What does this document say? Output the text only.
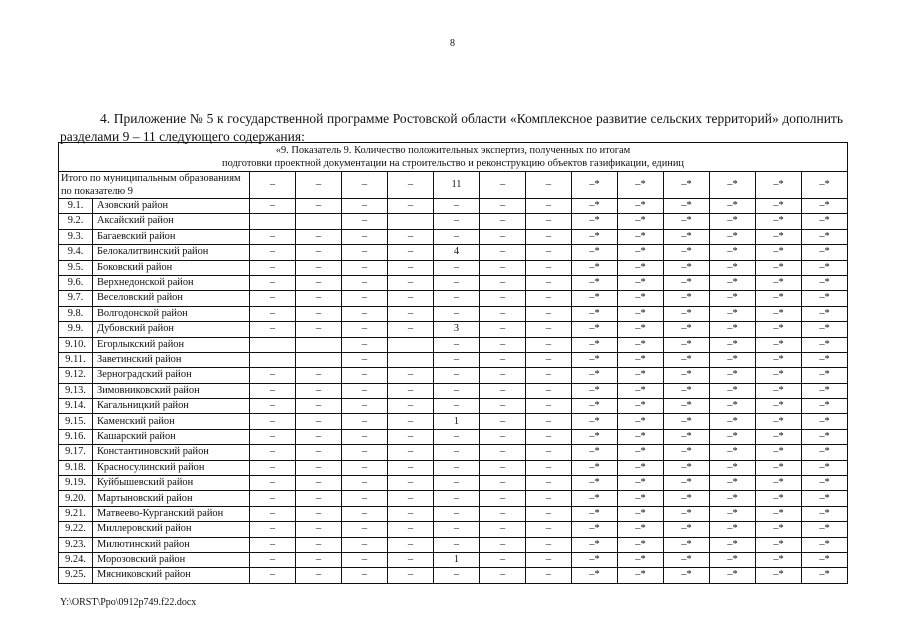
8

4. Приложение № 5 к государственной программе Ростовской области «Комплексное развитие сельских территорий» дополнить разделами 9 – 11 следующего содержания:

«9. Показатель 9. Количество положительных экспертиз, полученных по итогам
подготовки проектной документации на строительство и реконструкцию объектов газификации, единиц														
Итого по муниципальным образованиям по показателю 9		–	–	–	–	11	–	–	–*	–*	–*	–*	–*	–*
9.1.	Азовский район	–	–	–	–	–	–	–	–*	–*	–*	–*	–*	–*
9.2.	Аксайский район			–		–	–	–	–*	–*	–*	–*	–*	–*
9.3.	Багаевский район	–	–	–	–	–	–	–	–*	–*	–*	–*	–*	–*
9.4.	Белокалитвинский район	–	–	–	–	4	–	–	–*	–*	–*	–*	–*	–*
9.5.	Боковский район	–	–	–	–	–	–	–	–*	–*	–*	–*	–*	–*
9.6.	Верхнедонской район	–	–	–	–	–	–	–	–*	–*	–*	–*	–*	–*
9.7.	Веселовский район	–	–	–	–	–	–	–	–*	–*	–*	–*	–*	–*
9.8.	Волгодонской район	–	–	–	–	–	–	–	–*	–*	–*	–*	–*	–*
9.9.	Дубовский район	–	–	–	–	3	–	–	–*	–*	–*	–*	–*	–*
9.10.	Егорлыкский район			–		–	–	–	–*	–*	–*	–*	–*	–*
9.11.	Заветинский район			–		–	–	–	–*	–*	–*	–*	–*	–*
9.12.	Зерноградский район	–	–	–	–	–	–	–	–*	–*	–*	–*	–*	–*
9.13.	Зимовниковский район	–	–	–	–	–	–	–	–*	–*	–*	–*	–*	–*
9.14.	Кагальницкий район	–	–	–	–	–	–	–	–*	–*	–*	–*	–*	–*
9.15.	Каменский район	–	–	–	–	1	–	–	–*	–*	–*	–*	–*	–*
9.16.	Кашарский район	–	–	–	–	–	–	–	–*	–*	–*	–*	–*	–*
9.17.	Константиновский район	–	–	–	–	–	–	–	–*	–*	–*	–*	–*	–*
9.18.	Красносулинский район	–	–	–	–	–	–	–	–*	–*	–*	–*	–*	–*
9.19.	Куйбышевский район	–	–	–	–	–	–	–	–*	–*	–*	–*	–*	–*
9.20.	Мартыновский район	–	–	–	–	–	–	–	–*	–*	–*	–*	–*	–*
9.21.	Матвеево-Курганский район	–	–	–	–	–	–	–	–*	–*	–*	–*	–*	–*
9.22.	Миллеровский район	–	–	–	–	–	–	–	–*	–*	–*	–*	–*	–*
9.23.	Милютинский район	–	–	–	–	–	–	–	–*	–*	–*	–*	–*	–*
9.24.	Морозовский район	–	–	–	–	1	–	–	–*	–*	–*	–*	–*	–*
9.25.	Мясниковский район	–	–	–	–	–	–	–	–*	–*	–*	–*	–*	–*
Y:\ORST\Ppo\0912p749.f22.docx
